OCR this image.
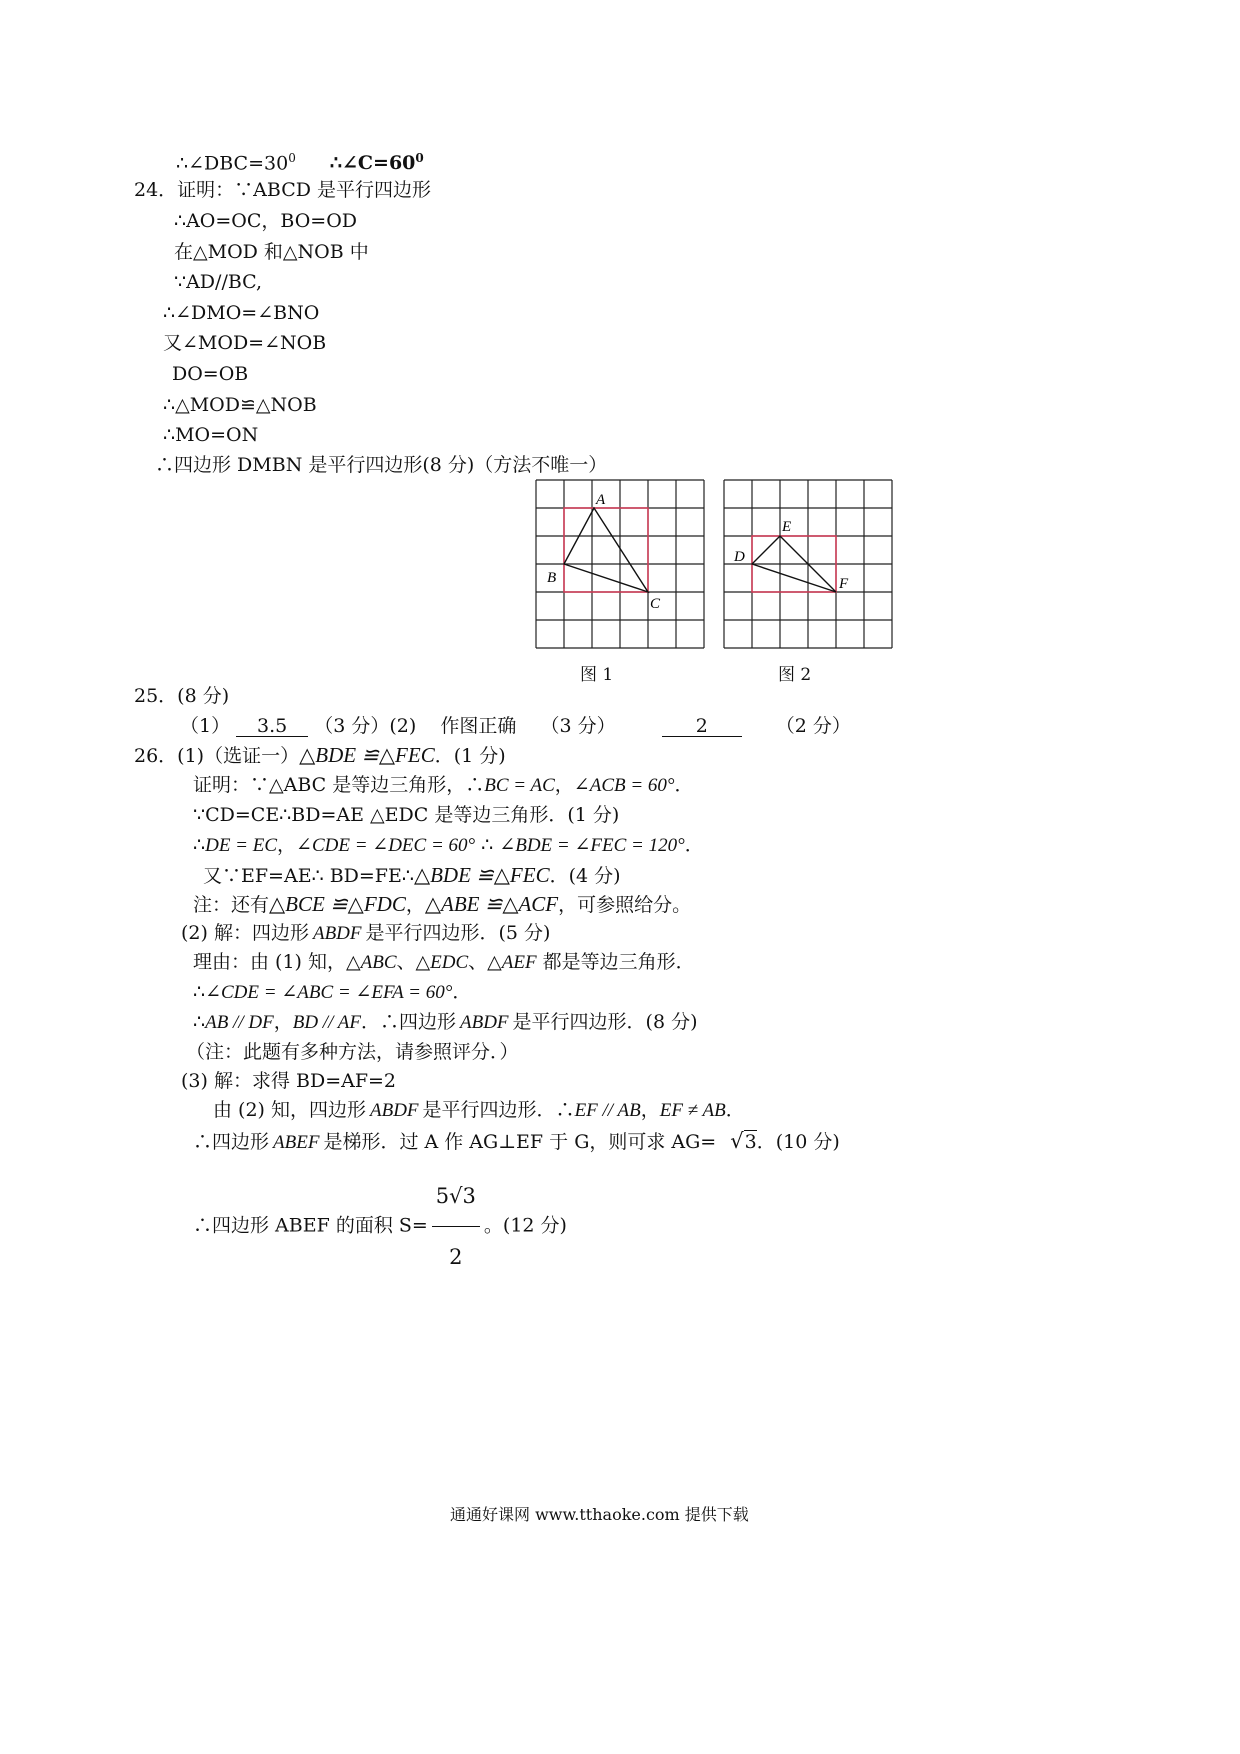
$\therefore\angle DBC=30^0$ $\therefore\angle C=60^0$
24．证明：∵ABCD 是平行四边形
∴AO=OC，BO=OD
在△MOD 和△NOB 中
∵AD//BC,
∴∠DMO=∠BNO
又∠MOD=∠NOB
DO=OB
∴△MOD≌△NOB
∴MO=ON
∴四边形 DMBN 是平行四边形(8 分)（方法不唯一）
A
B
C
图 1
D
E
F
图 2
25．(8 分)
（1） 3.5 （3 分）(2)    作图正确    （3 分）	2	（2 分）
26．(1)（选证一）△BDE ≌△FEC．(1 分)
证明：∵△ABC 是等边三角形，∴BC = AC，∠ACB = 60°．
∵CD=CE∴BD=AE △EDC 是等边三角形．(1 分)
∴DE = EC，∠CDE = ∠DEC = 60° ∴ ∠BDE = ∠FEC = 120°．
又∵EF=AE∴ BD=FE∴△BDE ≌△FEC．(4 分)
注：还有△BCE ≌△FDC，△ABE ≌△ACF，可参照给分。
(2) 解：四边形 ABDF 是平行四边形．(5 分)
理由：由 (1) 知，△ABC、△EDC、△AEF 都是等边三角形．
∴∠CDE = ∠ABC = ∠EFA = 60°．
∴AB // DF，BD // AF．∴四边形 ABDF 是平行四边形．(8 分)
（注：此题有多种方法，请参照评分．）
(3) 解：求得 BD=AF=2
由 (2) 知，四边形 ABDF 是平行四边形．∴EF // AB，EF ≠ AB．
∴四边形 ABEF 是梯形．过 A 作 AG⊥EF 于 G，则可求 AG= √3．(10 分)
∴四边形 ABEF 的面积 $S= \frac{5√3}{2}$ 。(12 分)
通通好课网 www.tthaoke.com 提供下载
